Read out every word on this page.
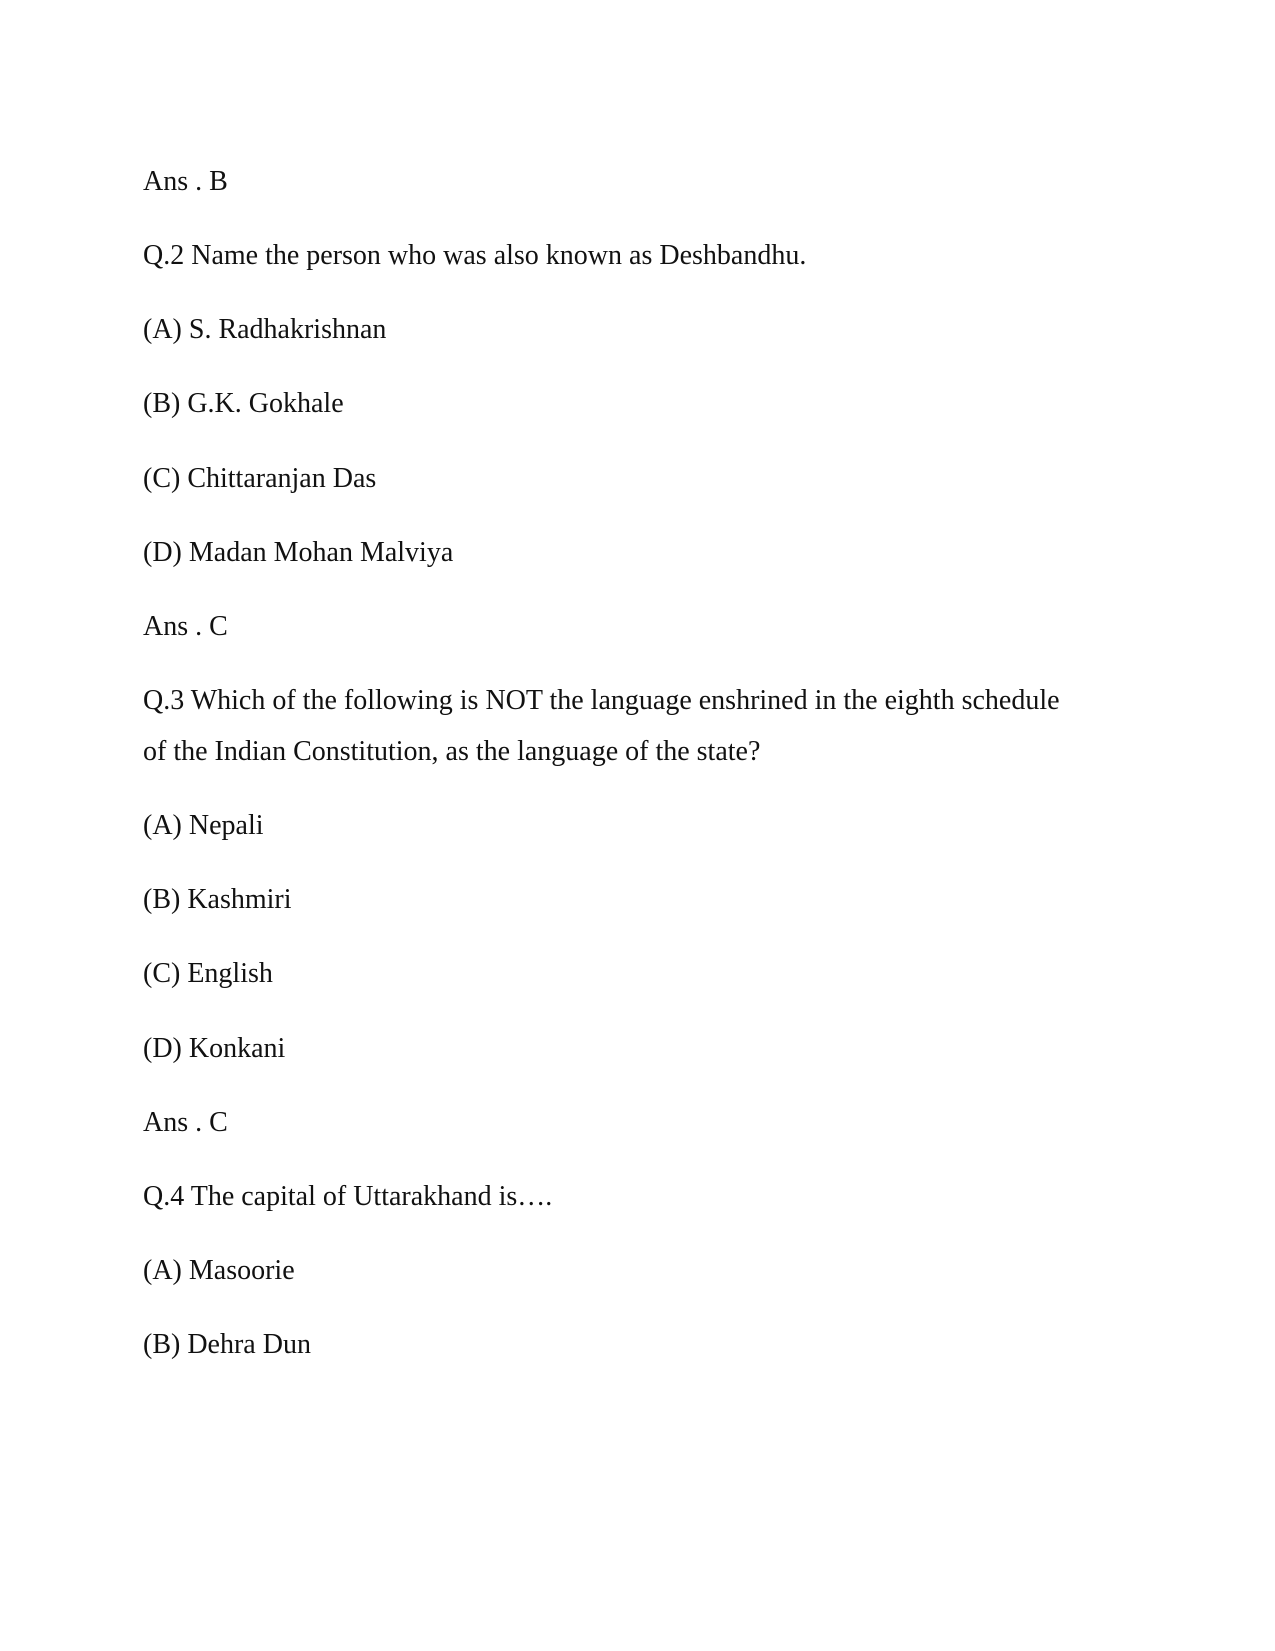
Ans . B
Q.2 Name the person who was also known as Deshbandhu.
(A) S. Radhakrishnan
(B) G.K. Gokhale
(C) Chittaranjan Das
(D) Madan Mohan Malviya
Ans . C
Q.3 Which of the following is NOT the language enshrined in the eighth schedule
of the Indian Constitution, as the language of the state?
(A) Nepali
(B) Kashmiri
(C) English
(D) Konkani
Ans . C
Q.4 The capital of Uttarakhand is….
(A) Masoorie
(B) Dehra Dun
